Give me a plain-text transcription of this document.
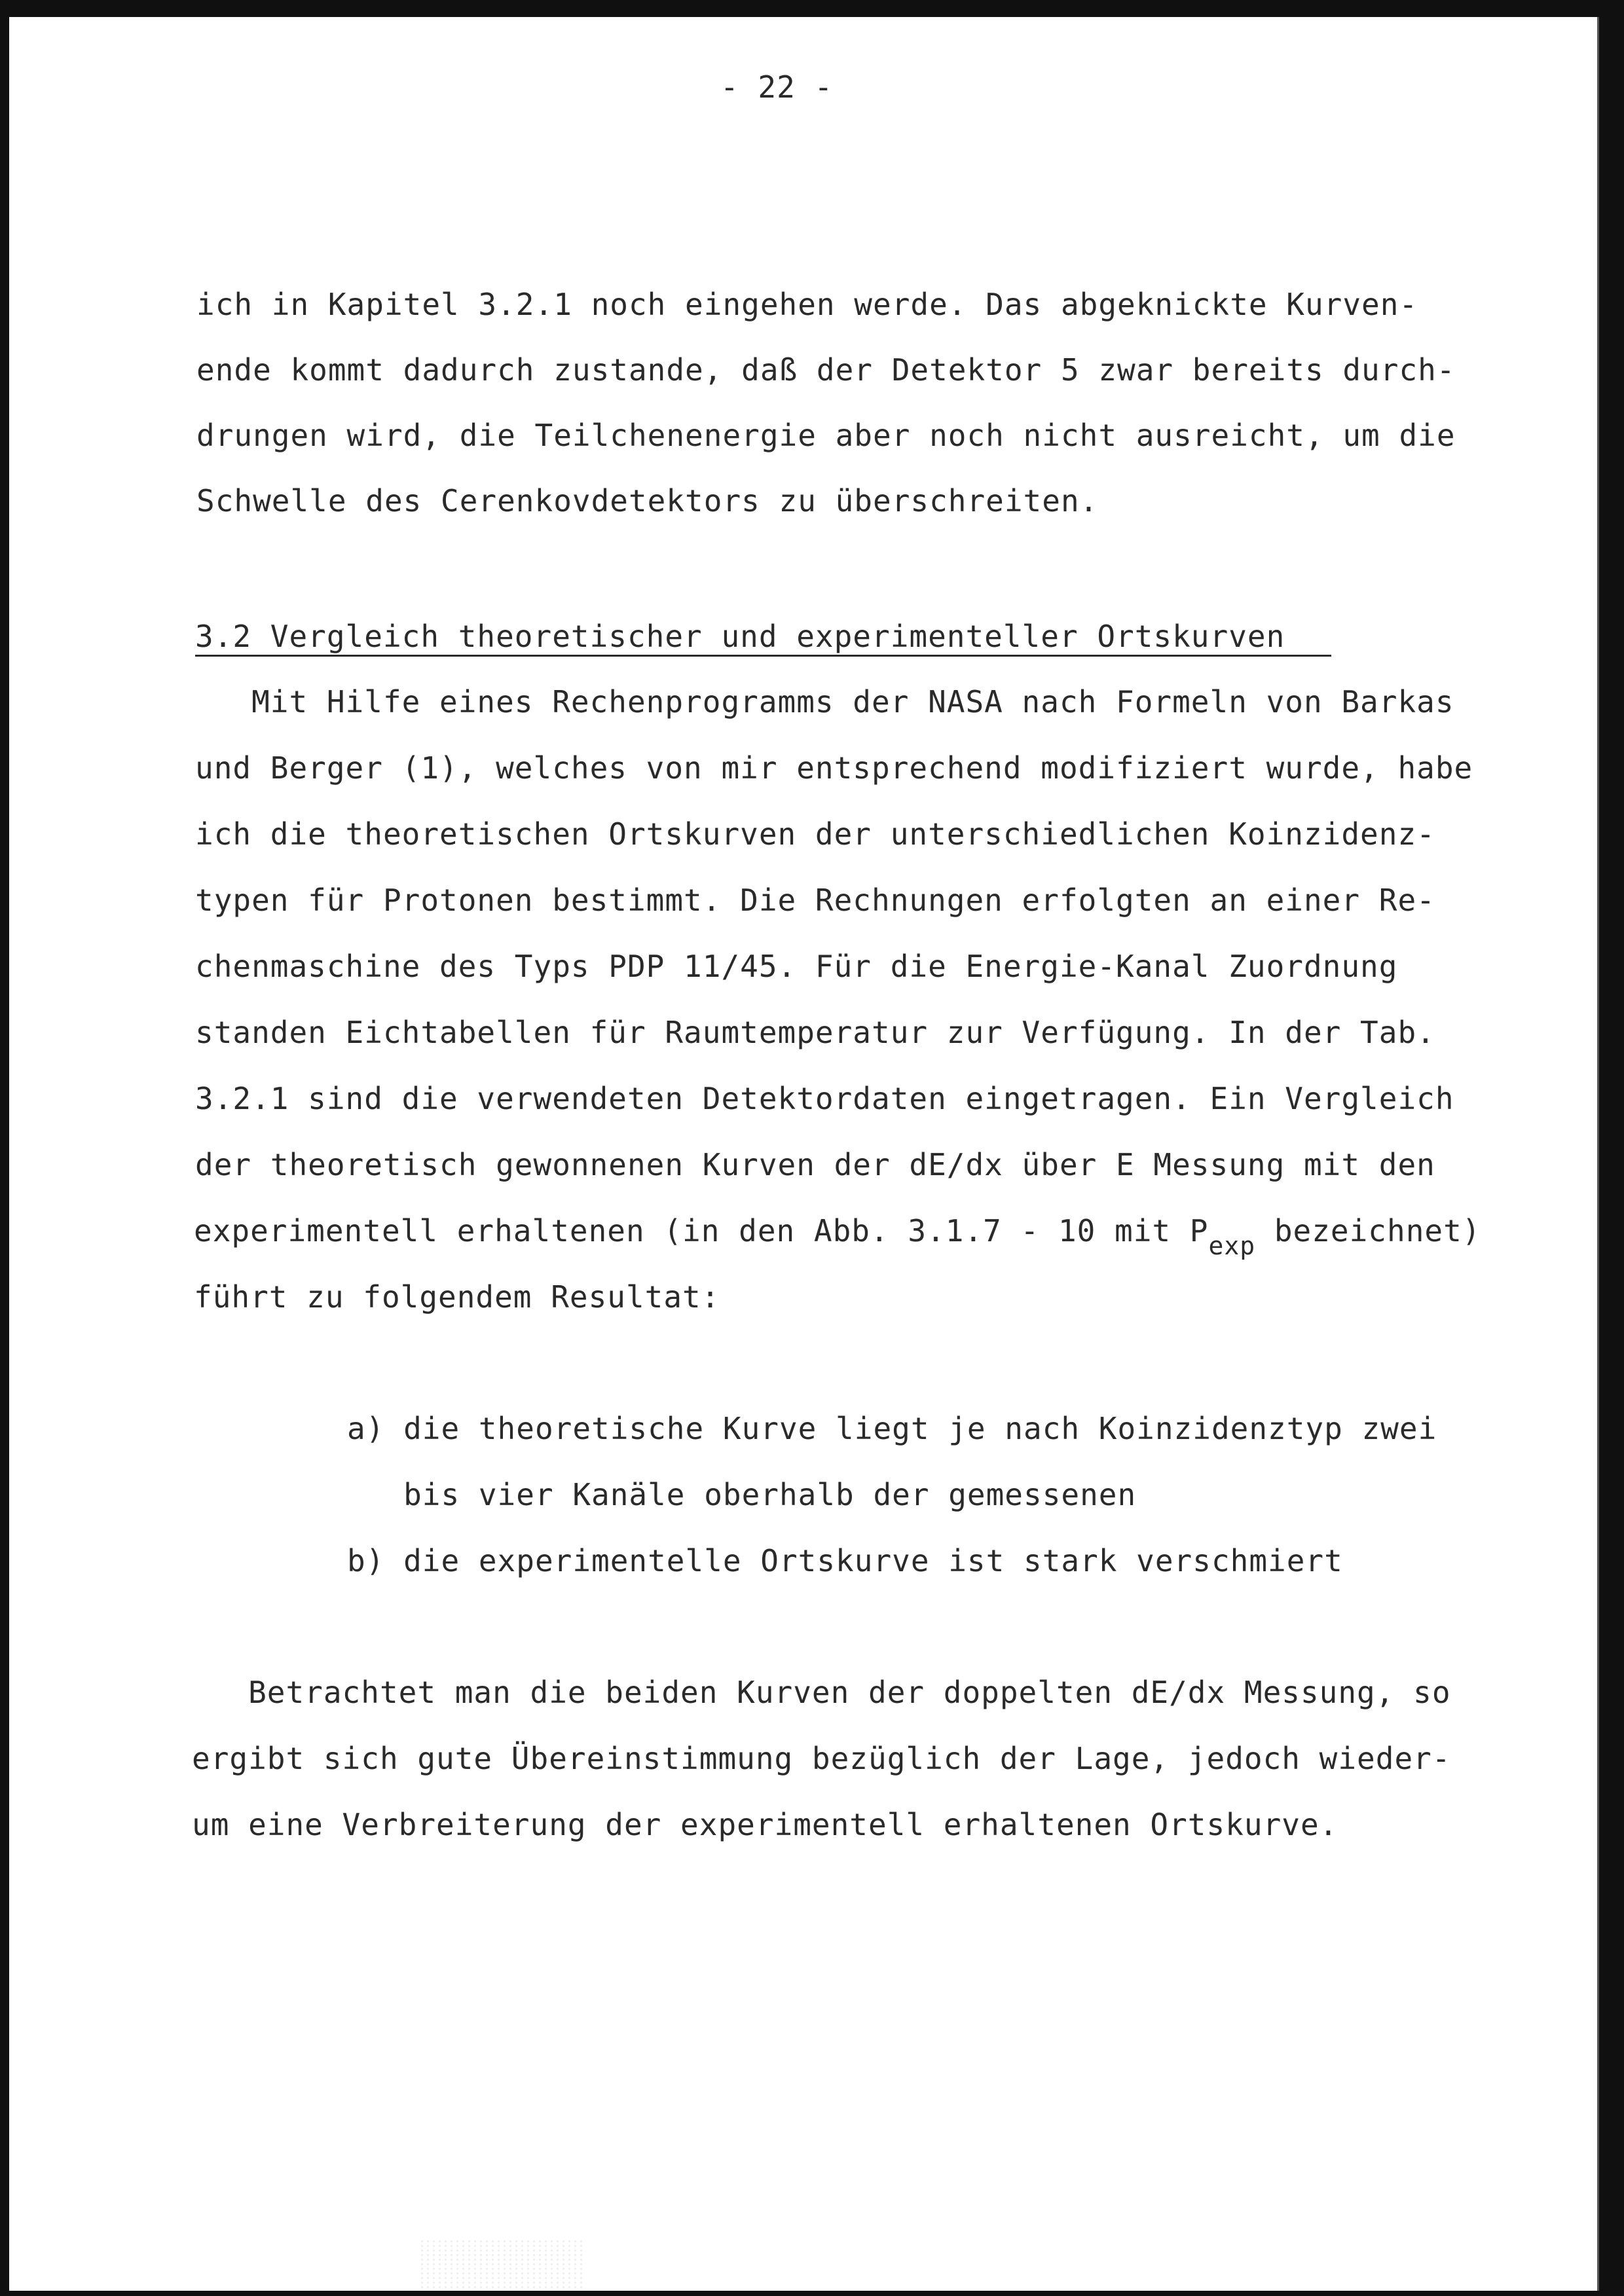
- 22 -

ich in Kapitel 3.2.1 noch eingehen werde. Das abgeknickte Kurven-

ende kommt dadurch zustande, daß der Detektor 5 zwar bereits durch-

drungen wird, die Teilchenenergie aber noch nicht ausreicht, um die

Schwelle des Cerenkovdetektors zu überschreiten.

3.2 Vergleich theoretischer und experimenteller Ortskurven

Mit Hilfe eines Rechenprogramms der NASA nach Formeln von Barkas

und Berger (1), welches von mir entsprechend modifiziert wurde, habe

ich die theoretischen Ortskurven der unterschiedlichen Koinzidenz-

typen für Protonen bestimmt. Die Rechnungen erfolgten an einer Re-

chenmaschine des Typs PDP 11/45. Für die Energie-Kanal Zuordnung

standen Eichtabellen für Raumtemperatur zur Verfügung. In der Tab.

3.2.1 sind die verwendeten Detektordaten eingetragen. Ein Vergleich

der theoretisch gewonnenen Kurven der dE/dx über E Messung mit den

experimentell erhaltenen (in den Abb. 3.1.7 - 10 mit $P_{exp}$ bezeichnet)

führt zu folgendem Resultat:

a) die theoretische Kurve liegt je nach Koinzidenztyp zwei

bis vier Kanäle oberhalb der gemessenen

b) die experimentelle Ortskurve ist stark verschmiert

Betrachtet man die beiden Kurven der doppelten dE/dx Messung, so

ergibt sich gute Übereinstimmung bezüglich der Lage, jedoch wieder-

um eine Verbreiterung der experimentell erhaltenen Ortskurve.
